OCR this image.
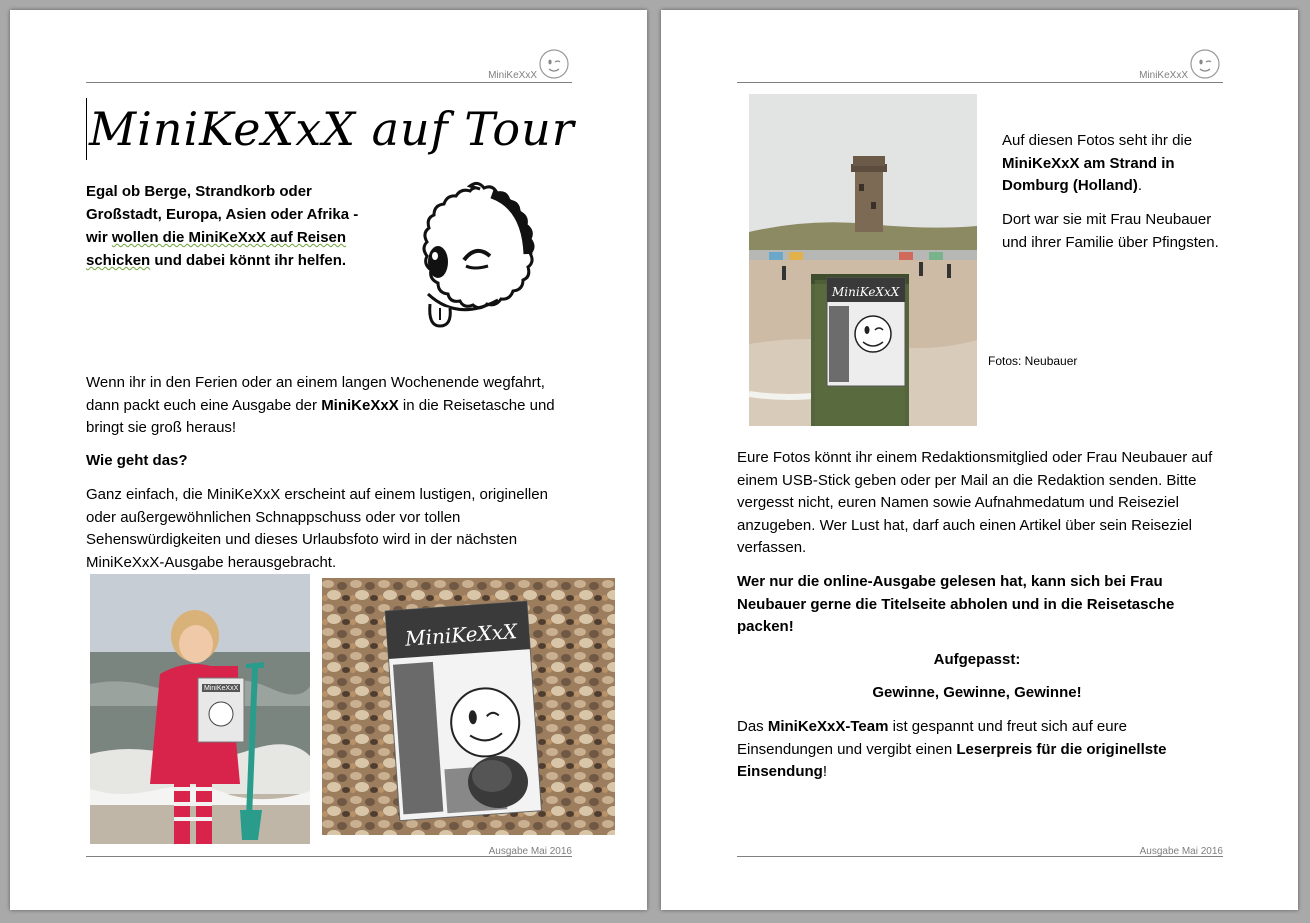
MiniKeXxX
MiniKeXxX auf Tour
Egal ob Berge, Strandkorb oder Großstadt, Europa, Asien oder Afrika - wir wollen die MiniKeXxX auf Reisen schicken und dabei könnt ihr helfen.

Wenn ihr in den Ferien oder an einem langen Wochenende wegfahrt, dann packt euch eine Ausgabe der MiniKeXxX in die Reisetasche und bringt sie groß heraus!

Wie geht das?

Ganz einfach, die MiniKeXxX erscheint auf einem lustigen, originellen oder außergewöhnlichen Schnappschuss oder vor tollen Sehenswürdigkeiten und dieses Urlaubsfoto wird in der nächsten MiniKeXxX-Ausgabe herausgebracht.

MiniKeXxX
MiniKeXxX
Ausgabe Mai 2016
MiniKeXxX
MiniKeXxX

Auf diesen Fotos seht ihr die MiniKeXxX am Strand in Domburg (Holland).

Dort war sie mit Frau Neubauer und ihrer Familie über Pfingsten.

Fotos: Neubauer

Eure Fotos könnt ihr einem Redaktionsmitglied oder Frau Neubauer auf einem USB-Stick geben oder per Mail an die Redaktion senden. Bitte vergesst nicht, euren Namen sowie Aufnahmedatum und Reiseziel anzugeben. Wer Lust hat, darf auch einen Artikel über sein Reiseziel verfassen.

Wer nur die online-Ausgabe gelesen hat, kann sich bei Frau Neubauer gerne die Titelseite abholen und in die Reisetasche packen!

Aufgepasst:

Gewinne, Gewinne, Gewinne!

Das MiniKeXxX-Team ist gespannt und freut sich auf eure Einsendungen und vergibt einen Leserpreis für die originellste Einsendung!

Ausgabe Mai 2016
